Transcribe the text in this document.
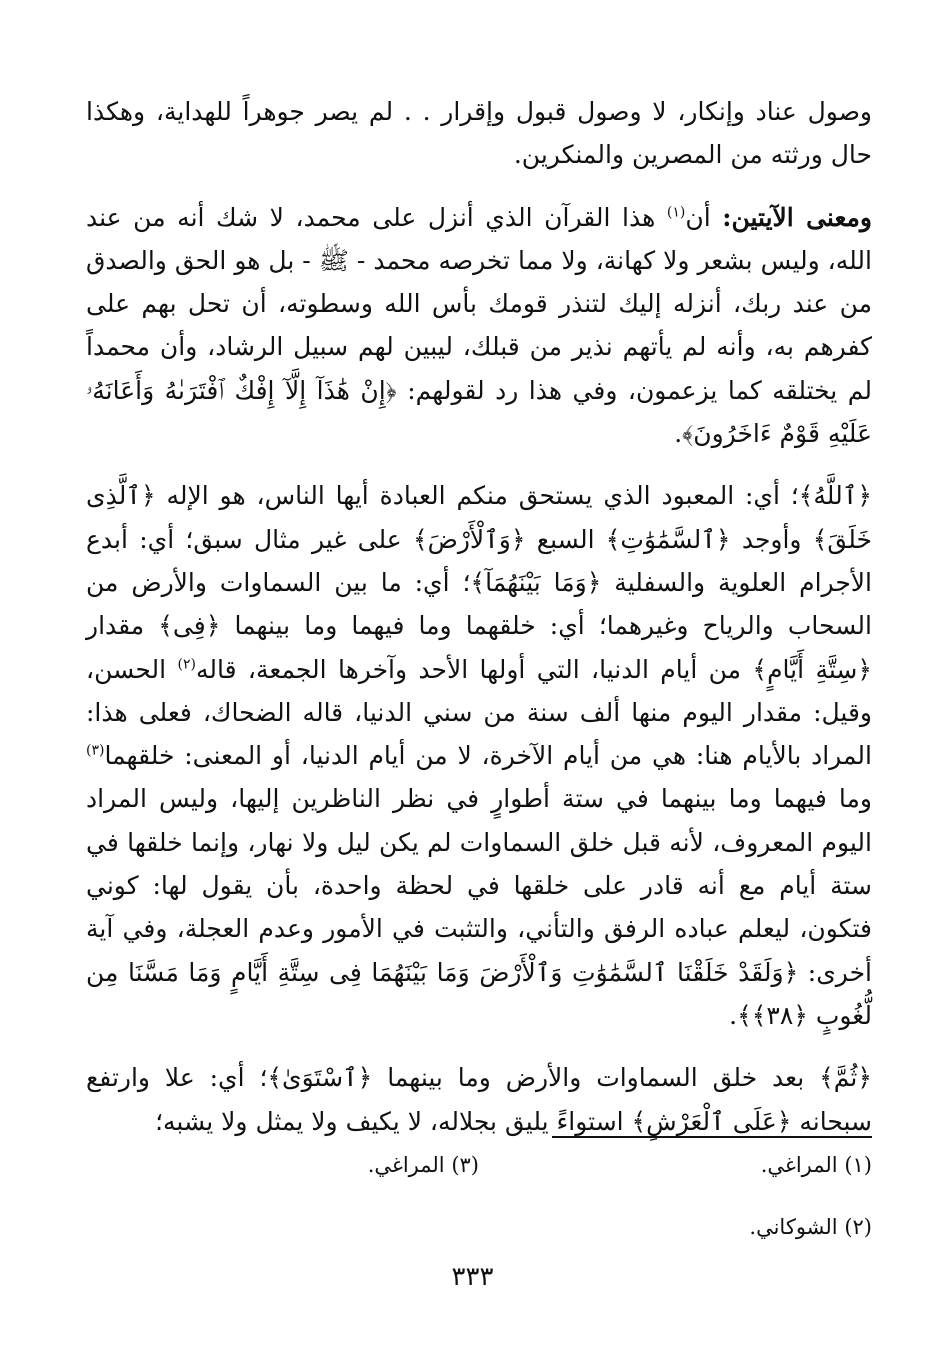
وصول عناد وإنكار، لا وصول قبول وإقرار . . لم يصر جوهراً للهداية، وهكذا حال ورثته من المصرين والمنكرين.

ومعنى الآيتين: أن$^{(١)}$ هذا القرآن الذي أنزل على محمد، لا شك أنه من عند الله، وليس بشعر ولا كهانة، ولا مما تخرصه محمد - ﷺ - بل هو الحق والصدق من عند ربك، أنزله إليك لتنذر قومك بأس الله وسطوته، أن تحل بهم على كفرهم به، وأنه لم يأتهم نذير من قبلك، ليبين لهم سبيل الرشاد، وأن محمداً لم يختلقه كما يزعمون، وفي هذا رد لقولهم: ﴿إِنْ هَٰذَآ إِلَّآ إِفْكٌ ٱفْتَرَىٰهُ وَأَعَانَهُۥ عَلَيْهِ قَوْمٌ ءَاخَرُونَ﴾.

﴿ٱللَّهُ﴾؛ أي: المعبود الذي يستحق منكم العبادة أيها الناس، هو الإله ﴿ٱلَّذِى خَلَقَ﴾ وأوجد ﴿ٱلسَّمَٰوَٰتِ﴾ السبع ﴿وَٱلْأَرْضَ﴾ على غير مثال سبق؛ أي: أبدع الأجرام العلوية والسفلية ﴿وَمَا بَيْنَهُمَآ﴾؛ أي: ما بين السماوات والأرض من السحاب والرياح وغيرهما؛ أي: خلقهما وما فيهما وما بينهما ﴿فِى﴾ مقدار ﴿سِتَّةِ أَيَّامٍ﴾ من أيام الدنيا، التي أولها الأحد وآخرها الجمعة، قاله$^{(٢)}$ الحسن، وقيل: مقدار اليوم منها ألف سنة من سني الدنيا، قاله الضحاك، فعلى هذا: المراد بالأيام هنا: هي من أيام الآخرة، لا من أيام الدنيا، أو المعنى: خلقهما$^{(٣)}$ وما فيهما وما بينهما في ستة أطوارٍ في نظر الناظرين إليها، وليس المراد اليوم المعروف، لأنه قبل خلق السماوات لم يكن ليل ولا نهار، وإنما خلقها في ستة أيام مع أنه قادر على خلقها في لحظة واحدة، بأن يقول لها: كوني فتكون، ليعلم عباده الرفق والتأني، والتثبت في الأمور وعدم العجلة، وفي آية أخرى: ﴿وَلَقَدْ خَلَقْنَا ٱلسَّمَٰوَٰتِ وَٱلْأَرْضَ وَمَا بَيْنَهُمَا فِى سِتَّةِ أَيَّامٍ وَمَا مَسَّنَا مِن لُّغُوبٍ ﴿٣٨﴾﴾.

﴿ثُمَّ﴾ بعد خلق السماوات والأرض وما بينهما ﴿ٱسْتَوَىٰ﴾؛ أي: علا وارتفع سبحانه ﴿عَلَى ٱلْعَرْشِ﴾ استواءً يليق بجلاله، لا يكيف ولا يمثل ولا يشبه؛

(١) المراغي.
(٣) المراغي.
(٢) الشوكاني.
٣٣٣
